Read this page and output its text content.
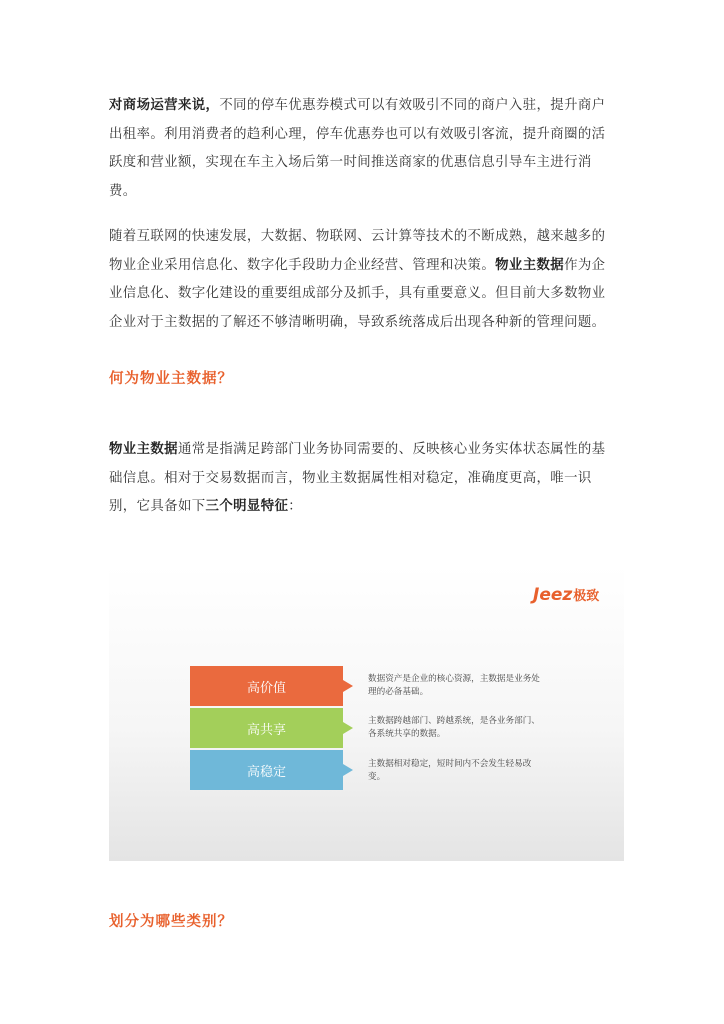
对商场运营来说，不同的停车优惠券模式可以有效吸引不同的商户入驻，提升商户出租率。利用消费者的趋利心理，停车优惠券也可以有效吸引客流，提升商圈的活跃度和营业额，实现在车主入场后第一时间推送商家的优惠信息引导车主进行消费。

随着互联网的快速发展，大数据、物联网、云计算等技术的不断成熟，越来越多的物业企业采用信息化、数字化手段助力企业经营、管理和决策。物业主数据作为企业信息化、数字化建设的重要组成部分及抓手，具有重要意义。但目前大多数物业企业对于主数据的了解还不够清晰明确，导致系统落成后出现各种新的管理问题。

何为物业主数据？

物业主数据通常是指满足跨部门业务协同需要的、反映核心业务实体状态属性的基础信息。相对于交易数据而言，物业主数据属性相对稳定，准确度更高，唯一识别，它具备如下三个明显特征：

Jeez极致
高价值
数据资产是企业的核心资源，主数据是业务处理的必备基础。
高共享
主数据跨越部门、跨越系统，是各业务部门、各系统共享的数据。
高稳定
主数据相对稳定，短时间内不会发生轻易改变。
划分为哪些类别？
